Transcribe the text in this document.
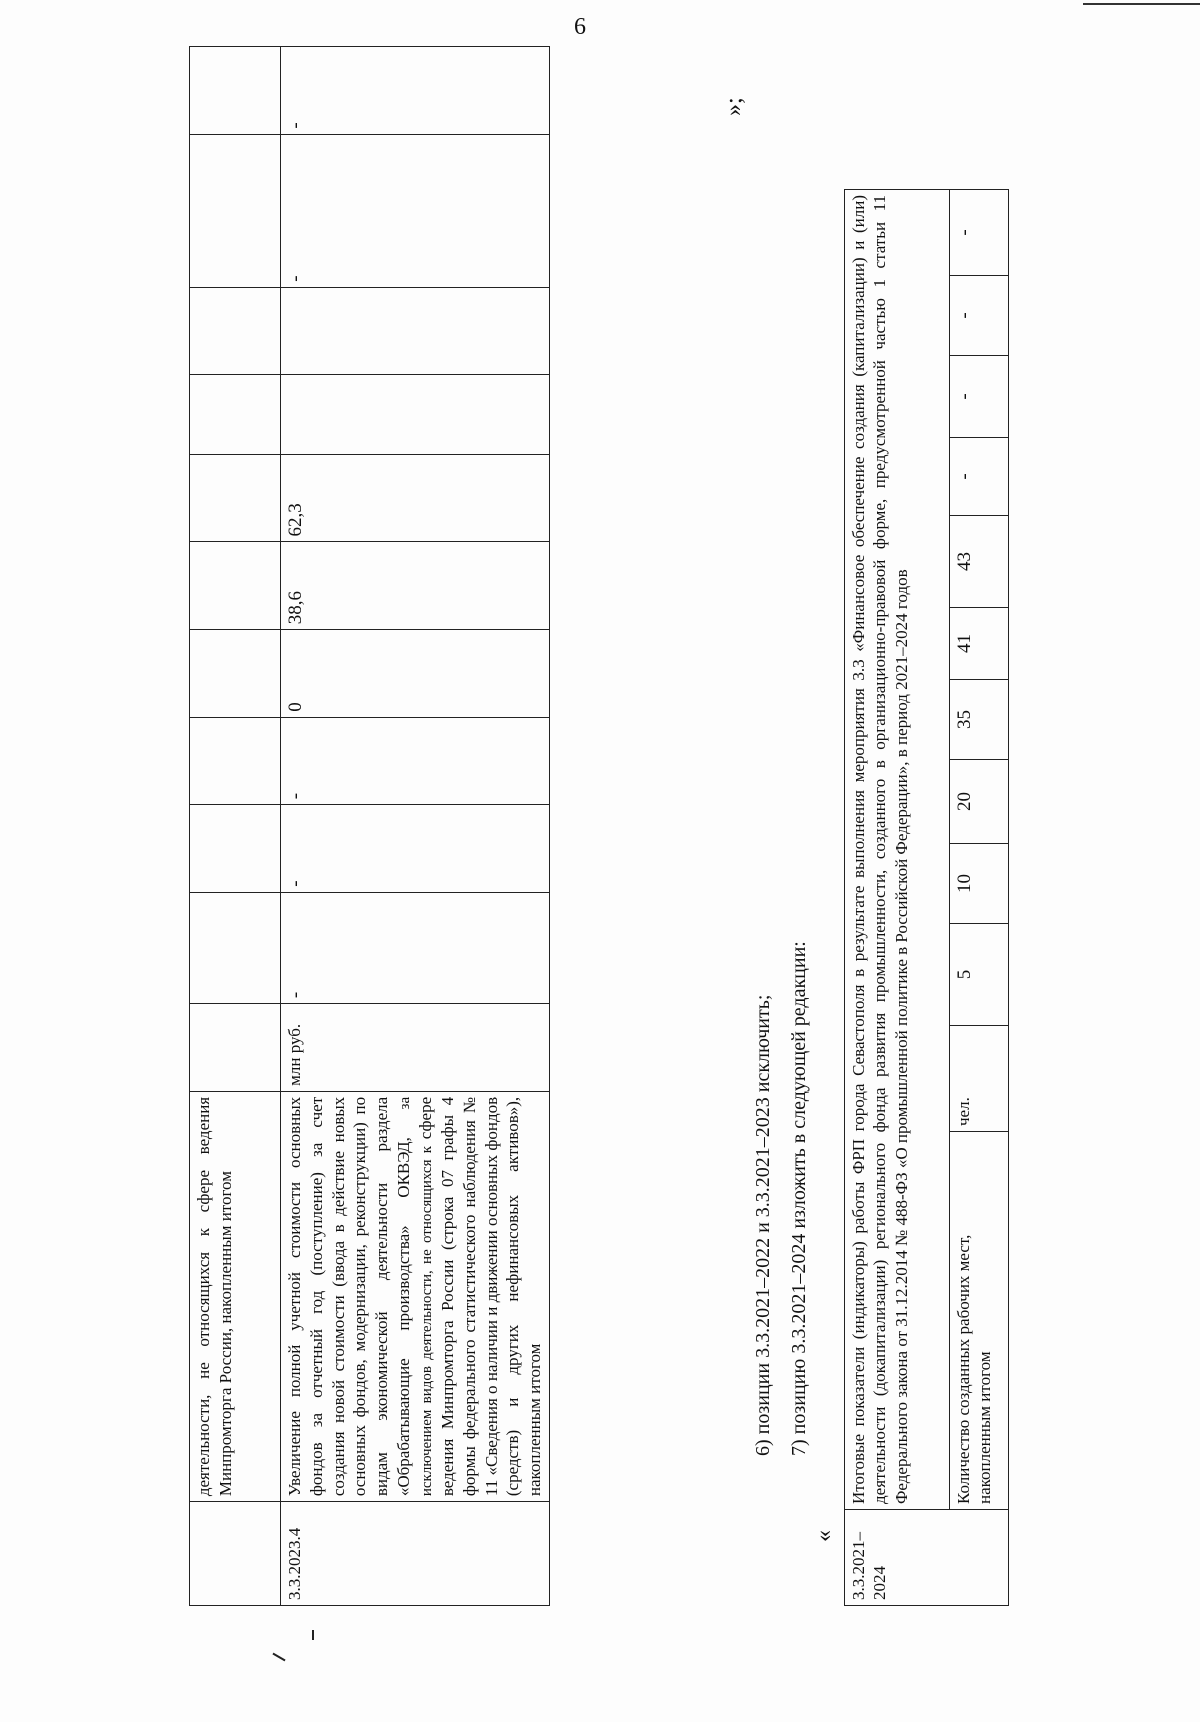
6
	деятельности, не относящихся к сфере ведения Минпромторга России, накопленным итогом											
3.3.2023.4	Увеличение полной учетной стоимости основных фондов за отчетный год (поступление) за счет создания новой стоимости (ввода в действие новых основных фондов, модернизации, реконструкции) по видам экономической деятельности раздела «Обрабатывающие производства» ОКВЭД, за исключением видов деятельности, не относящихся к сфере ведения Минпромторга России (строка 07 графы 4 формы федерального статистического наблюдения № 11 «Сведения о наличии и движении основных фондов (средств) и других нефинансовых активов»), накопленным итогом	млн руб.	-	-	-	0	38,6	62,3			-	-
»;
6) позиции 3.3.2021–2022 и 3.3.2021–2023 исключить; 7) позицию 3.3.2021–2024 изложить в следующей редакции:
« 3.3.2021–2024	Итоговые показатели (индикаторы) работы ФРП города Севастополя в результате выполнения мероприятия 3.3 «Финансовое обеспечение создания (капитализации) и (или) деятельности (докапитализации) регионального фонда развития промышленности, созданного в организационно-правовой форме, предусмотренной частью 1 статьи 11 Федерального закона от 31.12.2014 № 488-ФЗ «О промышленной политике в Российской Федерации», в период 2021–2024 годов											
	Количество созданных рабочих мест, накопленным итогом	чел.	5	10	20	35	41	43	-	-	-	-
